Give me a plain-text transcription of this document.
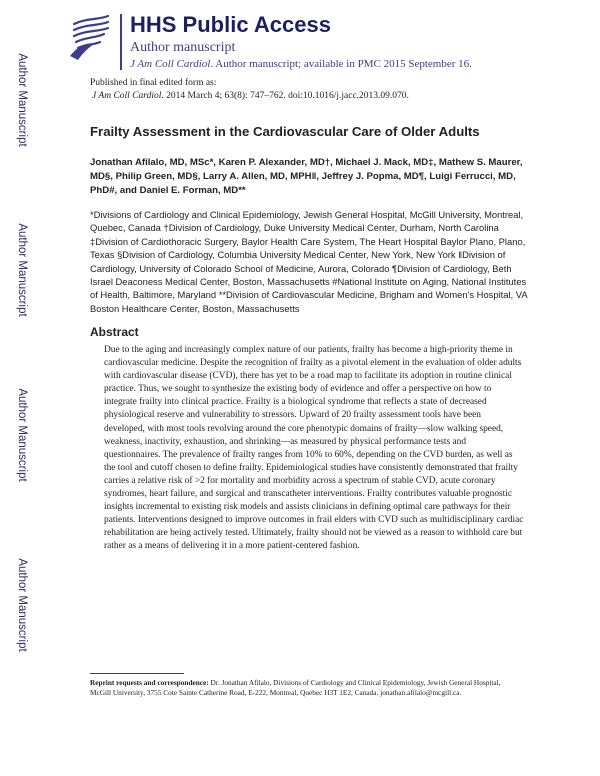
Author Manuscript
Author Manuscript
Author Manuscript
Author Manuscript
HHS Public Access
Author manuscript
J Am Coll Cardiol. Author manuscript; available in PMC 2015 September 16.
Published in final edited form as:
J Am Coll Cardiol. 2014 March 4; 63(8): 747–762. doi:10.1016/j.jacc.2013.09.070.
Frailty Assessment in the Cardiovascular Care of Older Adults
Jonathan Afilalo, MD, MSc*, Karen P. Alexander, MD†, Michael J. Mack, MD‡, Mathew S. Maurer, MD§, Philip Green, MD§, Larry A. Allen, MD, MPH‖, Jeffrey J. Popma, MD¶, Luigi Ferrucci, MD, PhD#, and Daniel E. Forman, MD**
*Divisions of Cardiology and Clinical Epidemiology, Jewish General Hospital, McGill University, Montreal, Quebec, Canada †Division of Cardiology, Duke University Medical Center, Durham, North Carolina ‡Division of Cardiothoracic Surgery, Baylor Health Care System, The Heart Hospital Baylor Plano, Plano, Texas §Division of Cardiology, Columbia University Medical Center, New York, New York ‖Division of Cardiology, University of Colorado School of Medicine, Aurora, Colorado ¶Division of Cardiology, Beth Israel Deaconess Medical Center, Boston, Massachusetts #National Institute on Aging, National Institutes of Health, Baltimore, Maryland **Division of Cardiovascular Medicine, Brigham and Women's Hospital, VA Boston Healthcare Center, Boston, Massachusetts
Abstract
Due to the aging and increasingly complex nature of our patients, frailty has become a high-priority theme in cardiovascular medicine. Despite the recognition of frailty as a pivotal element in the evaluation of older adults with cardiovascular disease (CVD), there has yet to be a road map to facilitate its adoption in routine clinical practice. Thus, we sought to synthesize the existing body of evidence and offer a perspective on how to integrate frailty into clinical practice. Frailty is a biological syndrome that reflects a state of decreased physiological reserve and vulnerability to stressors. Upward of 20 frailty assessment tools have been developed, with most tools revolving around the core phenotypic domains of frailty—slow walking speed, weakness, inactivity, exhaustion, and shrinking—as measured by physical performance tests and questionnaires. The prevalence of frailty ranges from 10% to 60%, depending on the CVD burden, as well as the tool and cutoff chosen to define frailty. Epidemiological studies have consistently demonstrated that frailty carries a relative risk of >2 for mortality and morbidity across a spectrum of stable CVD, acute coronary syndromes, heart failure, and surgical and transcatheter interventions. Frailty contributes valuable prognostic insights incremental to existing risk models and assists clinicians in defining optimal care pathways for their patients. Interventions designed to improve outcomes in frail elders with CVD such as multidisciplinary cardiac rehabilitation are being actively tested. Ultimately, frailty should not be viewed as a reason to withhold care but rather as a means of delivering it in a more patient-centered fashion.
Reprint requests and correspondence: Dr. Jonathan Afilalo, Divisions of Cardiology and Clinical Epidemiology, Jewish General Hospital, McGill University, 3755 Cote Sainte Catherine Road, E-222, Montreal, Quebec H3T 1E2, Canada. jonathan.afilalo@mcgill.ca.
